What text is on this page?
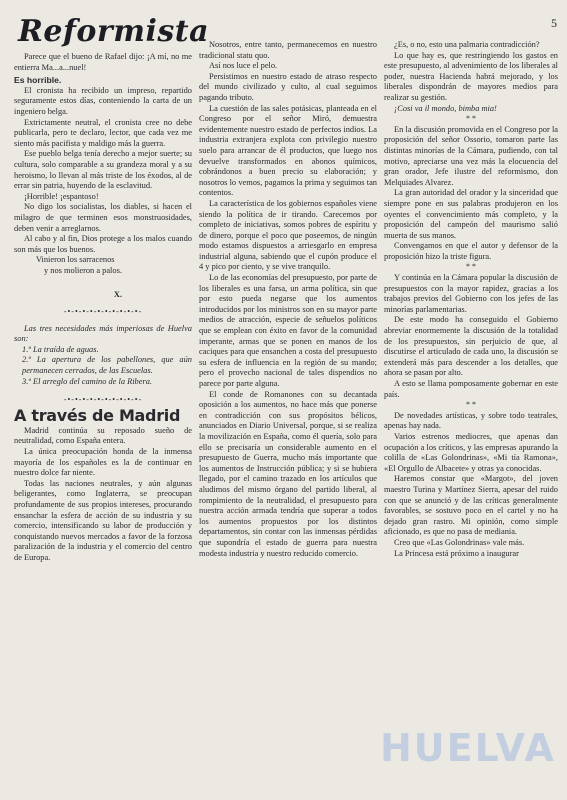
Reformista	5

Parece que el bueno de Rafael dijo: ¡A mí, no me entierra Ma...a...nuel!

Es horrible.

El cronista ha recibido un impreso, repartido seguramente estos días, conteniendo la carta de un ingeniero belga.

Extrictamente neutral, el cronista cree no debe publicarla, pero te declaro, lector, que cada vez me siento más pacifista y maldigo más la guerra.

Ese pueblo belga tenía derecho a mejor suerte; su cultura, solo comparable a su grandeza moral y a su heroismo, lo llevan al más triste de los éxodos, al de errar sin patria, huyendo de la esclavitud.

¡Horrible! ¡espantoso!

No digo los socialistas, los diables, si hacen el milagro de que terminen esos monstruosidades, deben venir a arreglarnos.

Al cabo y al fin, Dios protege a los malos cuando son más que los buenos.

Vinieron los sarracenos

y nos molieron a palos.

X.

-•-•-•-•-•-•-•-•-•-•-

Las tres necesidades más imperiosas de Huelva son:

1.º La traída de aguas.

2.º La apertura de los pabellones, que aún permanecen cerrados, de las Escuelas.

3.º El arreglo del camino de la Ribera.

-•-•-•-•-•-•-•-•-•-•-

A través de Madrid

Madrid continúa su reposado sueño de neutralidad, como España entera.

La única preocupación honda de la inmensa mayoría de los españoles es la de continuar en nuestro dolce far niente.

Todas las naciones neutrales, y aún algunas beligerantes, como Inglaterra, se preocupan profundamente de sus propios intereses, procurando ensanchar la esfera de acción de su industria y su comercio, intensificando su labor de producción y conquistando nuevos mercados a favor de la forzosa paralización de la industria y el comercio del centro de Europa.

Nosotros, entre tanto, permanecemos en nuestro tradicional statu quo.

Así nos luce el pelo.

Persistimos en nuestro estado de atraso respecto del mundo civilizado y culto, al cual seguimos pagando tributo.

La cuestión de las sales potásicas, planteada en el Congreso por el señor Miró, demuestra evidentemente nuestro estado de perfectos indios. La industria extranjera explota con privilegio nuestro suelo para arrancar de él productos, que luego nos devuelve transformados en abonos químicos, cobrándonos a buen precio su elaboración; y nosotros lo vemos, pagamos la prima y seguimos tan contentos.

La característica de los gobiernos españoles viene siendo la política de ir tirando. Carecemos por completo de iniciativas, somos pobres de espíritu y de dinero, porque el poco que poseemos, de ningún modo estamos dispuestos a arriesgarlo en empresa industrial alguna, sabiendo que el cupón produce el 4 y pico por ciento, y se vive tranquilo.

Lo de las economías del presupuesto, por parte de los liberales es una farsa, un arma política, sin que por esto pueda negarse que los aumentos introducidos por los ministros son en su mayor parte medios de atracción, especie de señuelos políticos que se emplean con éxito en favor de la comunidad imperante, armas que se ponen en manos de los caciques para que ensanchen a costa del presupuesto su esfera de influencia en la región de su mando; pero el provecho nacional de tales dispendios no parece por parte alguna.

El conde de Romanones con su decantada oposición a los aumentos, no hace más que ponerse en contradicción con sus propósitos bélicos, anunciados en Diario Universal, porque, si se realiza la movilización en España, como él quería, solo para ello se precisaría un considerable aumento en el presupuesto de Guerra, mucho más importante que los aumentos de Instrucción pública; y si se hubiera llegado, por el camino trazado en los artículos que aludimos del mismo órgano del partido liberal, al rompimiento de la neutralidad, el presupuesto para nuestra acción armada tendría que superar a todos los aumentos propuestos por los distintos departamentos, sin contar con las inmensas pérdidas que supondría el estado de guerra para nuestra modesta industria y nuestro reducido comercio.

¿Es, o no, esto una palmaria contradicción?

Lo que hay es, que restringiendo los gastos en este presupuesto, al advenimiento de los liberales al poder, nuestra Hacienda habrá mejorado, y los liberales dispondrán de mayores medios para realizar su gestión.

¡Cosi va il mondo, bimba mia!

* *

En la discusión promovida en el Congreso por la proposición del señor Ossorio, tomaron parte las distintas minorías de la Cámara, pudiendo, con tal motivo, apreciarse una vez más la elocuencia del gran orador, Jefe ilustre del reformismo, don Melquiades Alvarez.

La gran autoridad del orador y la sinceridad que siempre pone en sus palabras produjeron en los oyentes el convencimiento más completo, y la proposición del campeón del maurismo salió muerta de sus manos.

Convengamos en que el autor y defensor de la proposición hizo la triste figura.

* *

Y continúa en la Cámara popular la discusión de presupuestos con la mayor rapidez, gracias a los trabajos previos del Gobierno con los jefes de las minorías parlamentarias.

De este modo ha conseguido el Gobierno abreviar enormemente la discusión de la totalidad de los presupuestos, sin perjuicio de que, al discutirse el articulado de cada uno, la discusión se extenderá más para descender a los detalles, que ahora se pasan por alto.

A esto se llama pomposamente gobernar en este país.

* *

De novedades artísticas, y sobre todo teatrales, apenas hay nada.

Varios estrenos mediocres, que apenas dan ocupación a los críticos, y las empresas apurando la colilla de «Las Golondrinas», «Mi tía Ramona», «El Orgullo de Albacete» y otras ya conocidas.

Haremos constar que «Margot», del joven maestro Turina y Martínez Sierra, apesar del ruido con que se anunció y de las críticas generalmente favorables, se sostuvo poco en el cartel y no ha dejado gran rastro. Mi opinión, como simple aficionado, es que no pasa de mediania.

Creo que «Las Golondrinas» vale más.

La Princesa está próximo a inaugurar

HUELVA
